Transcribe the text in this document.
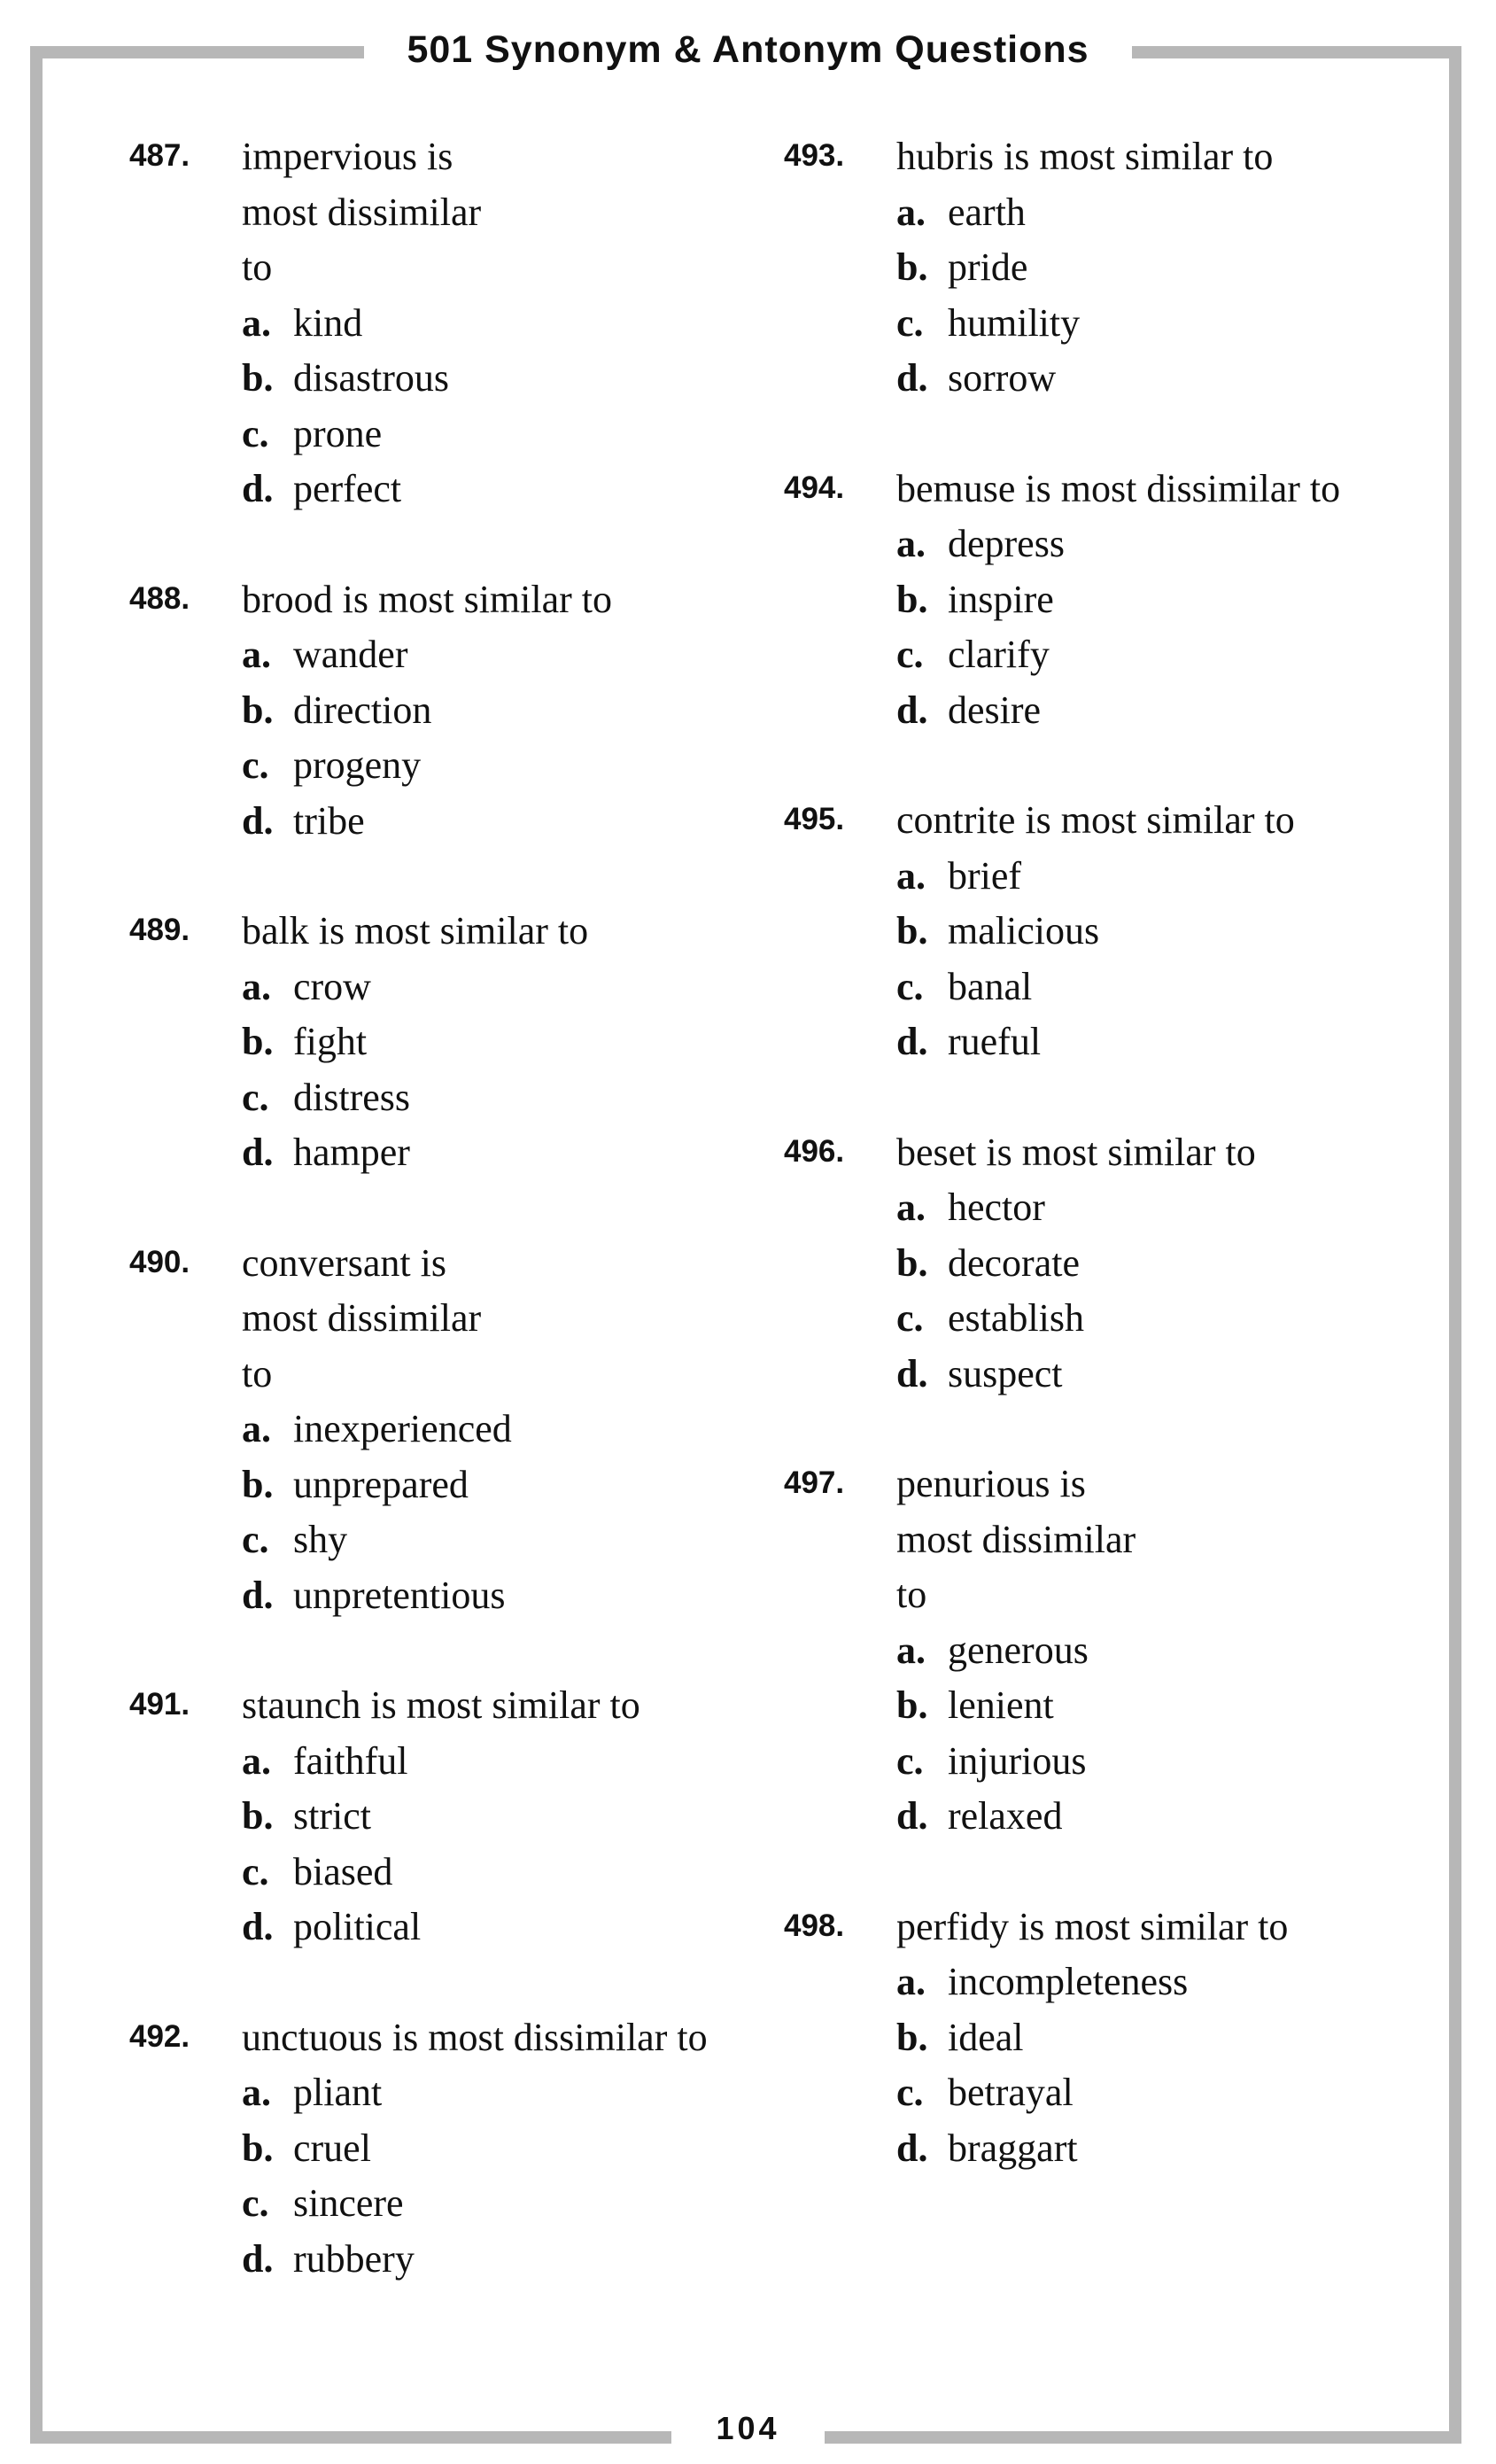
501 Synonym & Antonym Questions
487. impervious is most dissimilar to
a. kind
b. disastrous
c. prone
d. perfect
488. brood is most similar to
a. wander
b. direction
c. progeny
d. tribe
489. balk is most similar to
a. crow
b. fight
c. distress
d. hamper
490. conversant is most dissimilar to
a. inexperienced
b. unprepared
c. shy
d. unpretentious
491. staunch is most similar to
a. faithful
b. strict
c. biased
d. political
492. unctuous is most dissimilar to
a. pliant
b. cruel
c. sincere
d. rubbery
493. hubris is most similar to
a. earth
b. pride
c. humility
d. sorrow
494. bemuse is most dissimilar to
a. depress
b. inspire
c. clarify
d. desire
495. contrite is most similar to
a. brief
b. malicious
c. banal
d. rueful
496. beset is most similar to
a. hector
b. decorate
c. establish
d. suspect
497. penurious is most dissimilar to
a. generous
b. lenient
c. injurious
d. relaxed
498. perfidy is most similar to
a. incompleteness
b. ideal
c. betrayal
d. braggart
104
